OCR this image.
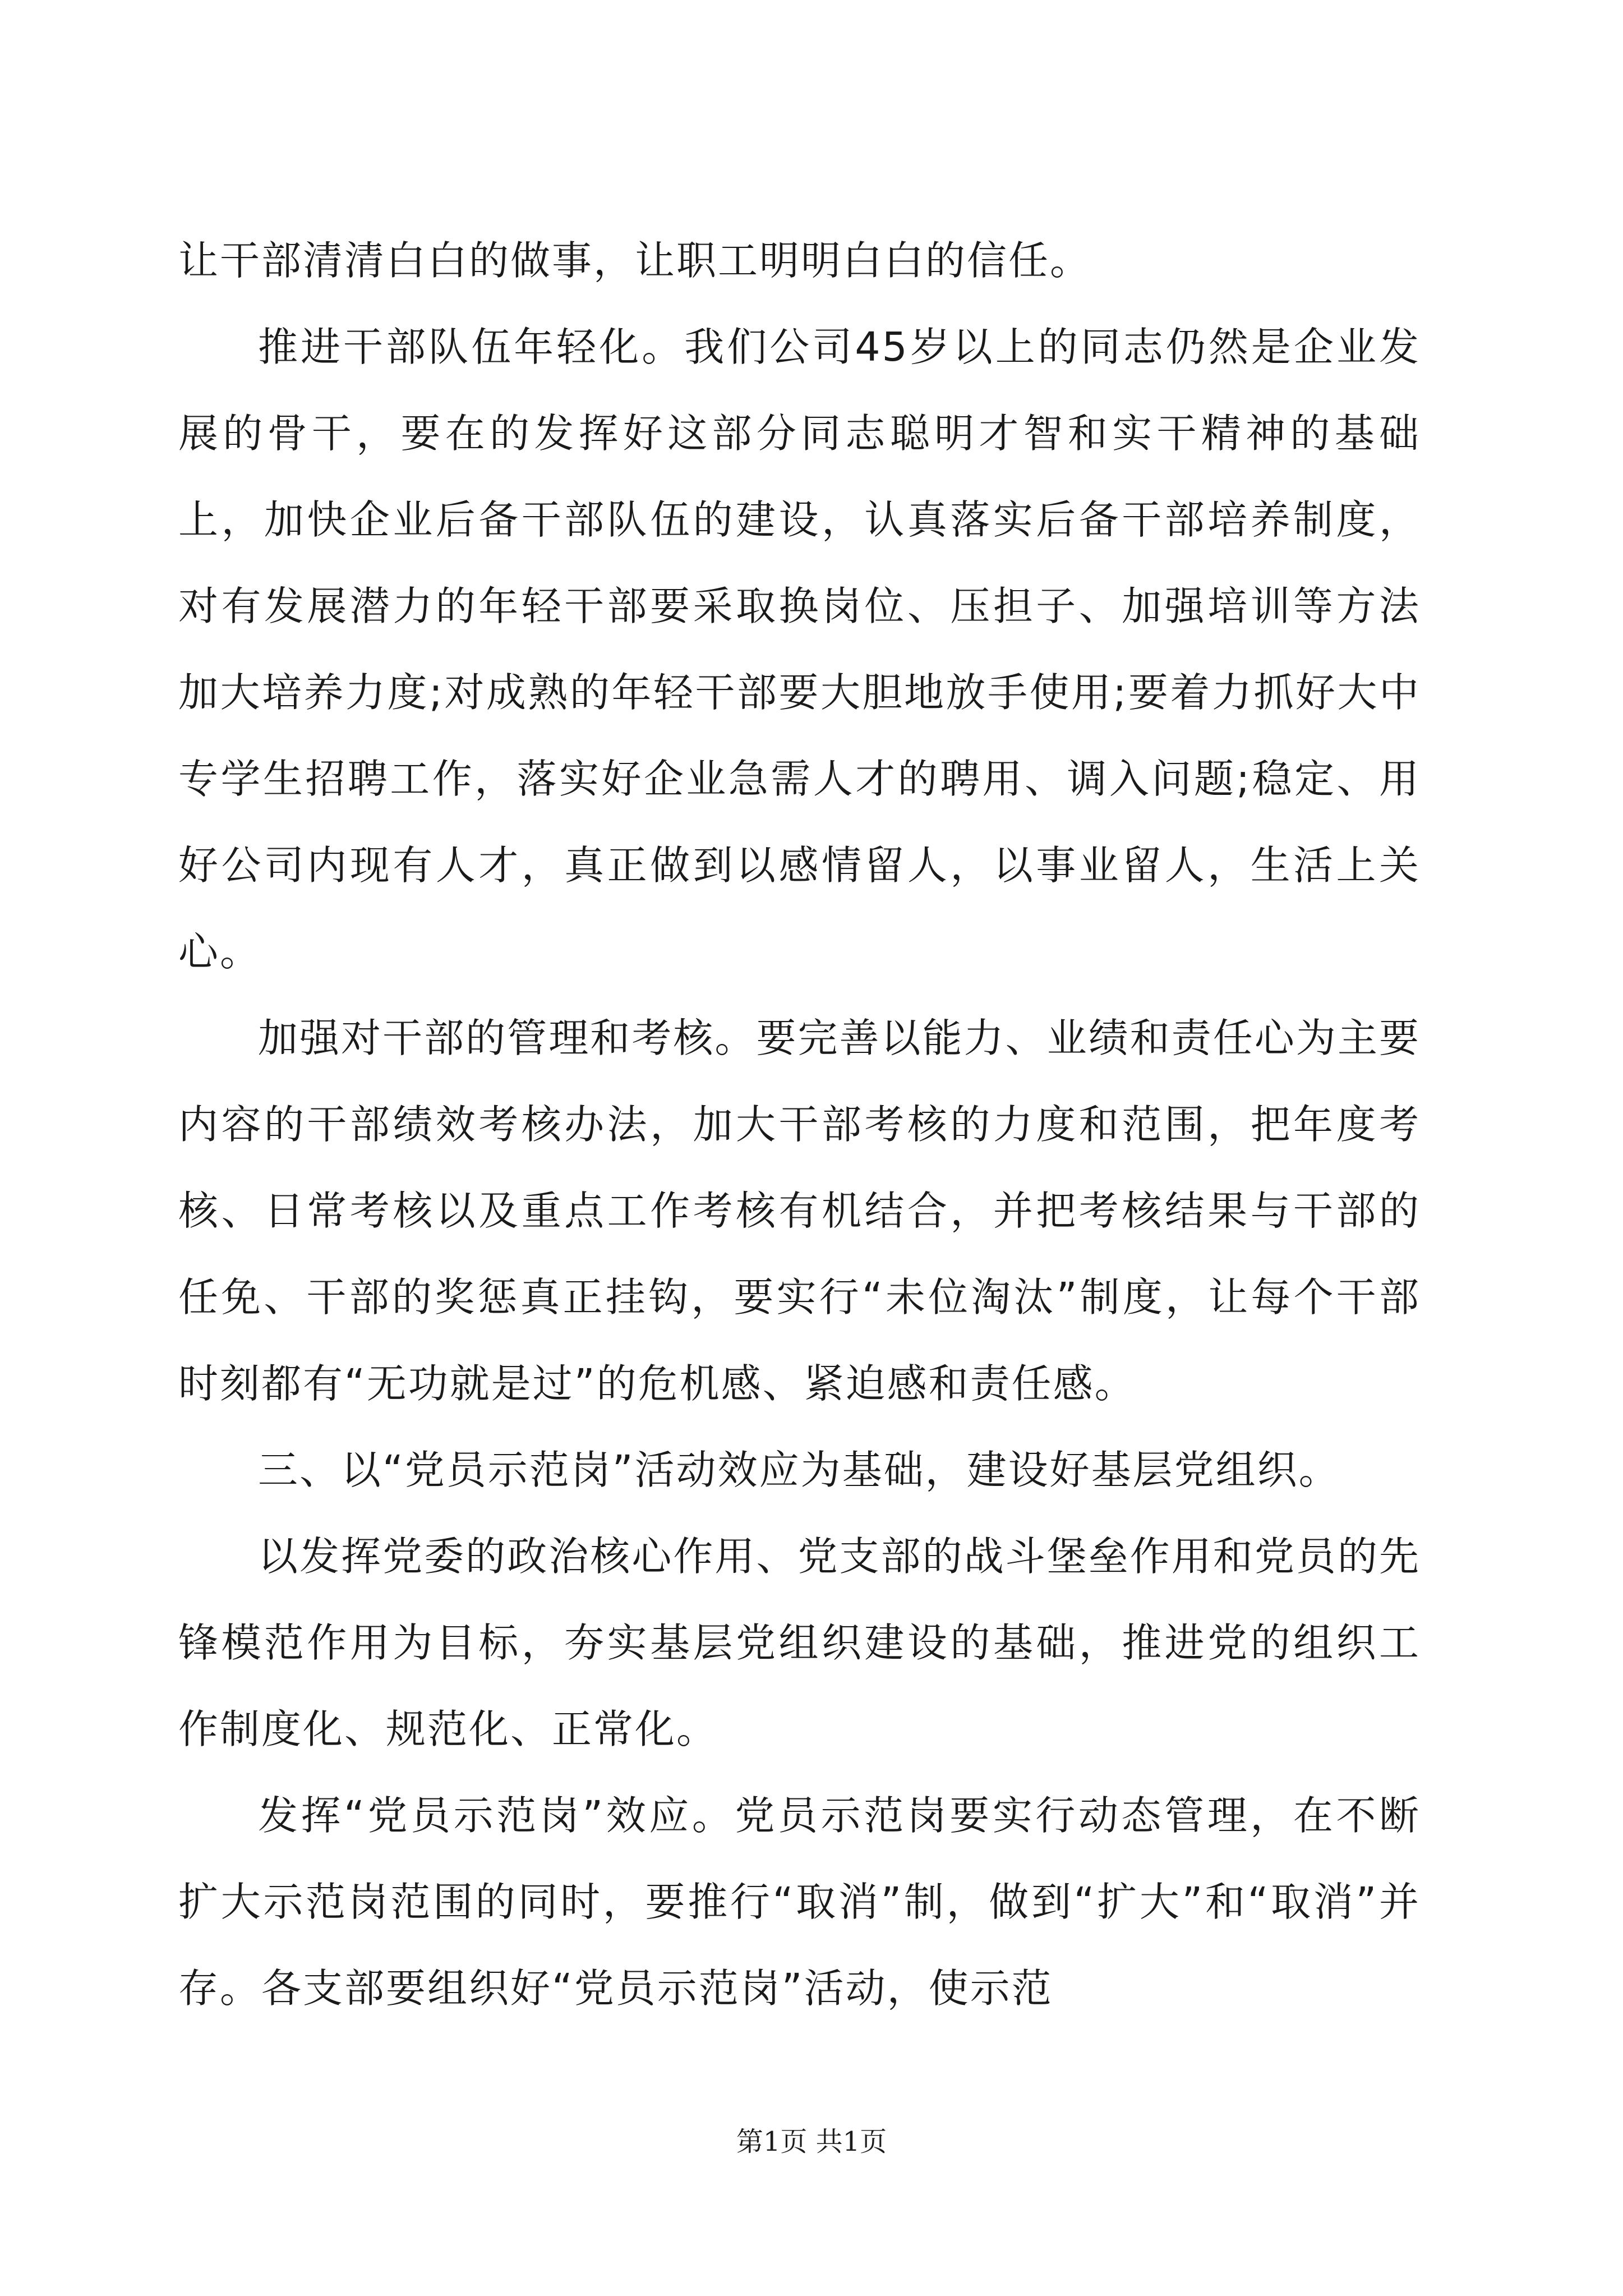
让干部清清白白的做事，让职工明明白白的信任。

推进干部队伍年轻化。我们公司45岁以上的同志仍然是企业发展的骨干，要在的发挥好这部分同志聪明才智和实干精神的基础上，加快企业后备干部队伍的建设，认真落实后备干部培养制度，对有发展潜力的年轻干部要采取换岗位、压担子、加强培训等方法加大培养力度;对成熟的年轻干部要大胆地放手使用;要着力抓好大中专学生招聘工作，落实好企业急需人才的聘用、调入问题;稳定、用好公司内现有人才，真正做到以感情留人，以事业留人，生活上关心。

加强对干部的管理和考核。要完善以能力、业绩和责任心为主要内容的干部绩效考核办法，加大干部考核的力度和范围，把年度考核、日常考核以及重点工作考核有机结合，并把考核结果与干部的任免、干部的奖惩真正挂钩，要实行“未位淘汰”制度，让每个干部时刻都有“无功就是过”的危机感、紧迫感和责任感。

三、以“党员示范岗”活动效应为基础，建设好基层党组织。

以发挥党委的政治核心作用、党支部的战斗堡垒作用和党员的先锋模范作用为目标，夯实基层党组织建设的基础，推进党的组织工作制度化、规范化、正常化。

发挥“党员示范岗”效应。党员示范岗要实行动态管理，在不断扩大示范岗范围的同时，要推行“取消”制，做到“扩大”和“取消”并存。各支部要组织好“党员示范岗”活动，使示范

第1页 共1页
